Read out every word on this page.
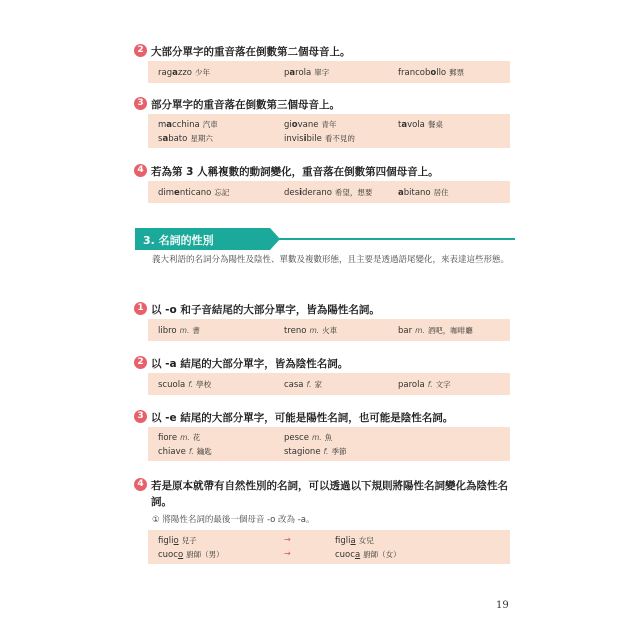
2 大部分單字的重音落在倒數第二個母音上。
ragazzo 少年	parola 單字	francobollo 郵票
3 部分單字的重音落在倒數第三個母音上。
macchina 汽車	giovane 青年	tavola 餐桌
sabato 星期六	invisibile 看不見的
4 若為第 3 人稱複數的動詞變化，重音落在倒數第四個母音上。
dimenticano 忘記	desiderano 希望，想要	abitano 居住
3. 名詞的性別
義大利語的名詞分為陽性及陰性、單數及複數形態，且主要是透過語尾變化，來表達這些形態。
1 以 -o 和子音結尾的大部分單字，皆為陽性名詞。
libro m. 書	treno m. 火車	bar m. 酒吧，咖啡廳
2 以 -a 結尾的大部分單字，皆為陰性名詞。
scuola f. 學校	casa f. 家	parola f. 文字
3 以 -e 結尾的大部分單字，可能是陽性名詞，也可能是陰性名詞。
fiore m. 花	pesce m. 魚
chiave f. 鑰匙	stagione f. 季節
4 若是原本就帶有自然性別的名詞，可以透過以下規則將陽性名詞變化為陰性名
詞。
① 將陽性名詞的最後一個母音 -o 改為 -a。
figlio 兒子	→	figlia 女兒
cuoco 廚師（男）	→	cuoca 廚師（女）
19
